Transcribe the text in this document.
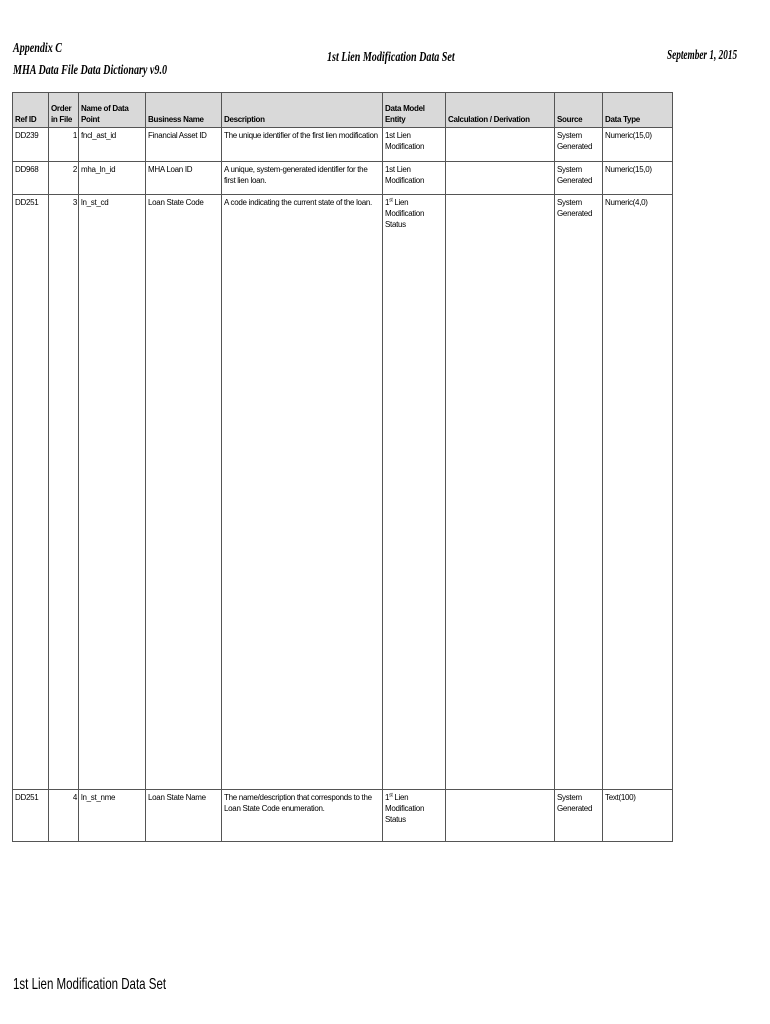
Appendix C
MHA Data File Data Dictionary v9.0
1st Lien Modification Data Set	September 1, 2015
Ref ID	Order in File	Name of Data Point	Business Name	Description	Data Model Entity	Calculation / Derivation	Source	Data Type
DD239	1	fncl_ast_id	Financial Asset ID	The unique identifier of the first lien modification	1st Lien Modification		System Generated	Numeric(15,0)
DD968	2	mha_ln_id	MHA Loan ID	A unique, system-generated identifier for the first lien loan.	1st Lien Modification		System Generated	Numeric(15,0)
DD251	3	ln_st_cd	Loan State Code	A code indicating the current state of the loan.	1st Lien Modification Status		System Generated	Numeric(4,0)
DD251	4	ln_st_nme	Loan State Name	The name/description that corresponds to the Loan State Code enumeration.	1st Lien Modification Status		System Generated	Text(100)
1st Lien Modification Data Set
